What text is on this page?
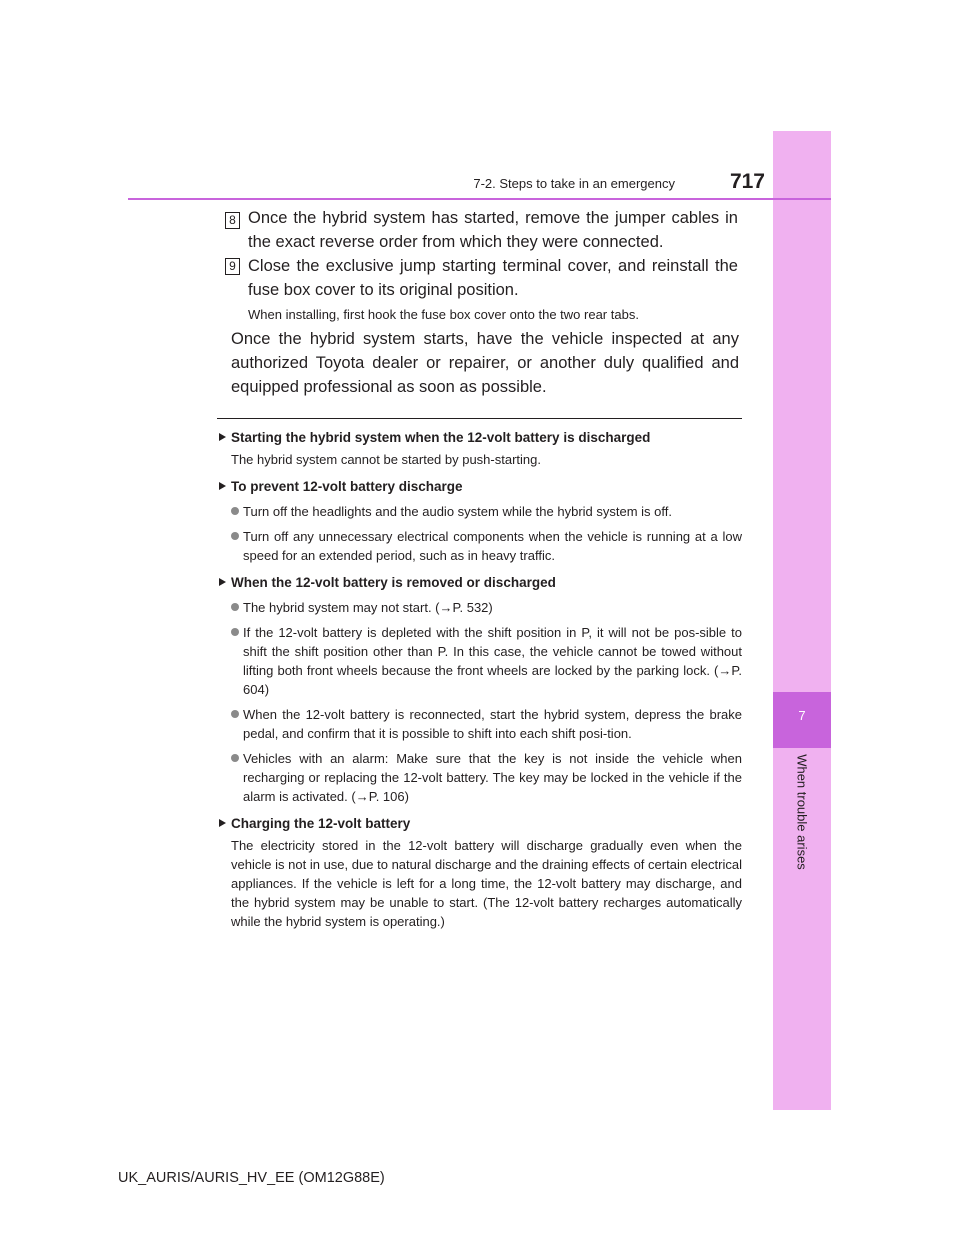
7
When trouble arises
7-2. Steps to take in an emergency	717
8 Once the hybrid system has started, remove the jumper cables in the exact reverse order from which they were connected.
9 Close the exclusive jump starting terminal cover, and reinstall the fuse box cover to its original position.
When installing, first hook the fuse box cover onto the two rear tabs.
Once the hybrid system starts, have the vehicle inspected at any authorized Toyota dealer or repairer, or another duly qualified and equipped professional as soon as possible.
Starting the hybrid system when the 12-volt battery is discharged
The hybrid system cannot be started by push-starting.
To prevent 12-volt battery discharge
Turn off the headlights and the audio system while the hybrid system is off.
Turn off any unnecessary electrical components when the vehicle is running at a low speed for an extended period, such as in heavy traffic.
When the 12-volt battery is removed or discharged
The hybrid system may not start. (→P. 532)
If the 12-volt battery is depleted with the shift position in P, it will not be pos-sible to shift the shift position other than P. In this case, the vehicle cannot be towed without lifting both front wheels because the front wheels are locked by the parking lock. (→P. 604)
When the 12-volt battery is reconnected, start the hybrid system, depress the brake pedal, and confirm that it is possible to shift into each shift posi-tion.
Vehicles with an alarm: Make sure that the key is not inside the vehicle when recharging or replacing the 12-volt battery. The key may be locked in the vehicle if the alarm is activated. (→P. 106)
Charging the 12-volt battery
The electricity stored in the 12-volt battery will discharge gradually even when the vehicle is not in use, due to natural discharge and the draining effects of certain electrical appliances. If the vehicle is left for a long time, the 12-volt battery may discharge, and the hybrid system may be unable to start. (The 12-volt battery recharges automatically while the hybrid system is operating.)
UK_AURIS/AURIS_HV_EE (OM12G88E)
